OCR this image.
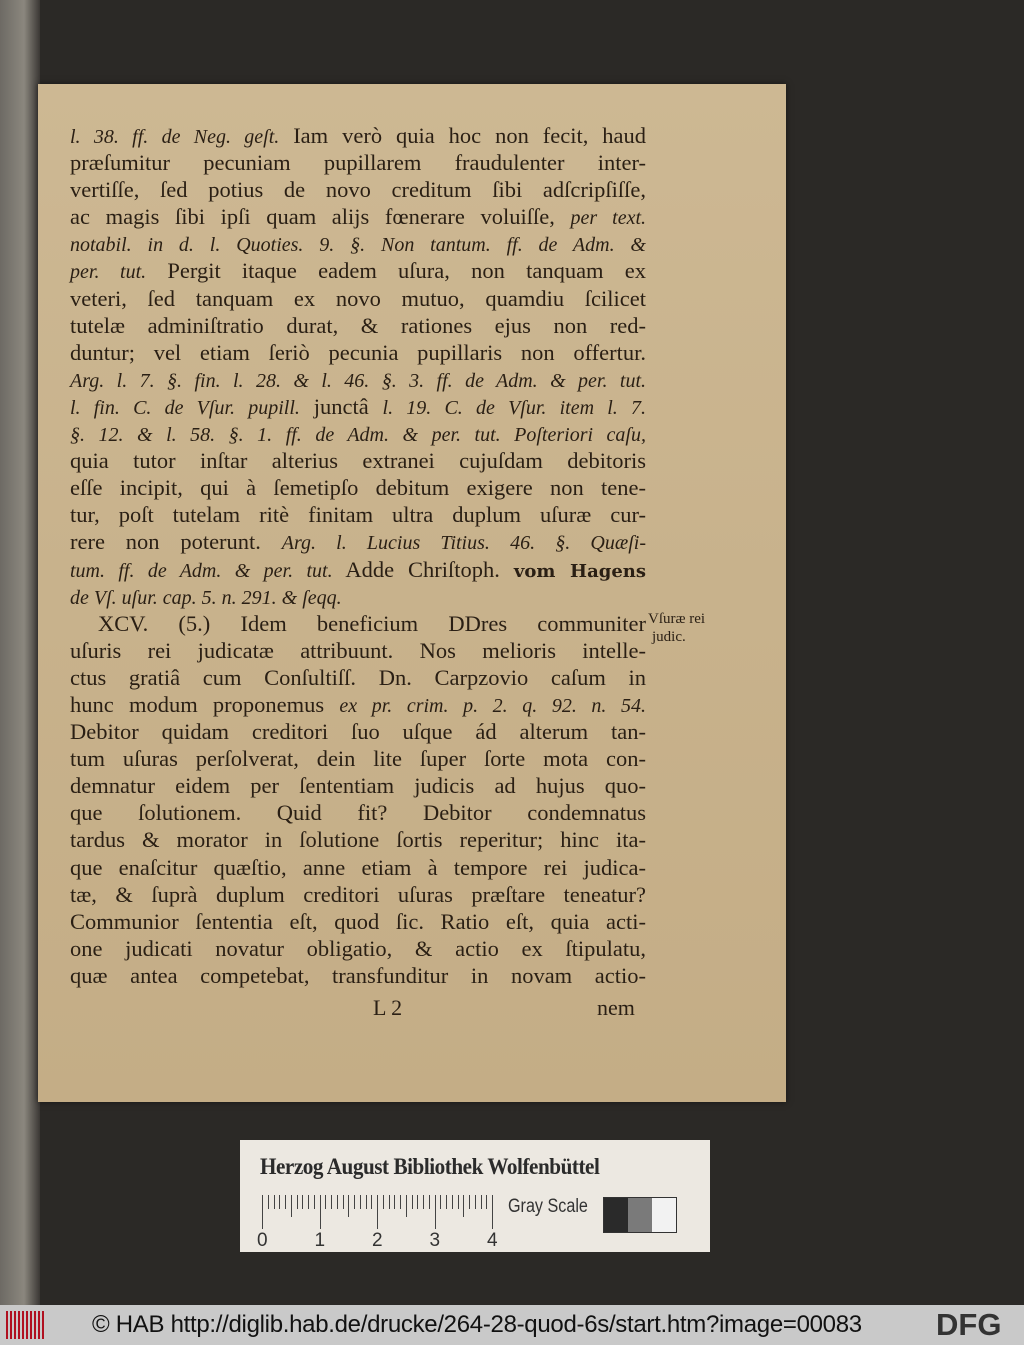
l. 38. ff. de Neg. geſt. Iam verò quia hoc non fecit, haud
præſumitur pecuniam pupillarem fraudulenter inter-
vertiſſe, ſed potius de novo creditum ſibi adſcripſiſſe,
ac magis ſibi ipſi quam alijs fœnerare voluiſſe, per text.
notabil. in d. l. Quoties. 9. §. Non tantum. ff. de Adm. &
per. tut. Pergit itaque eadem uſura, non tanquam ex
veteri, ſed tanquam ex novo mutuo, quamdiu ſcilicet
tutelæ adminiſtratio durat, & rationes ejus non red-
duntur; vel etiam ſeriò pecunia pupillaris non offertur.
Arg. l. 7. §. fin. l. 28. & l. 46. §. 3. ff. de Adm. & per. tut.
l. fin. C. de Vſur. pupill. junctâ l. 19. C. de Vſur. item l. 7.
§. 12. & l. 58. §. 1. ff. de Adm. & per. tut. Poſteriori caſu,
quia tutor inſtar alterius extranei cujuſdam debitoris
eſſe incipit, qui à ſemetipſo debitum exigere non tene-
tur, poſt tutelam ritè finitam ultra duplum uſuræ cur-
rere non poterunt. Arg. l. Lucius Titius. 46. §. Quæſi-
tum. ff. de Adm. & per. tut. Adde Chriſtoph. vom Hagens
de Vſ. uſur. cap. 5. n. 291. & ſeqq.
XCV. (5.) Idem beneficium DDres communiter
uſuris rei judicatæ attribuunt. Nos melioris intelle-
ctus gratiâ cum Conſultiſſ. Dn. Carpzovio caſum in
hunc modum proponemus ex pr. crim. p. 2. q. 92. n. 54.
Debitor quidam creditori ſuo uſque ád alterum tan-
tum uſuras perſolverat, dein lite ſuper ſorte mota con-
demnatur eidem per ſententiam judicis ad hujus quo-
que ſolutionem. Quid fit? Debitor condemnatus
tardus & morator in ſolutione ſortis reperitur; hinc ita-
que enaſcitur quæſtio, anne etiam à tempore rei judica-
tæ, & ſuprà duplum creditori uſuras præſtare teneatur?
Communior ſententia eſt, quod ſic. Ratio eſt, quia acti-
one judicati novatur obligatio, & actio ex ſtipulatu,
quæ antea competebat, transfunditur in novam actio-
Vſuræ rei
judic.
L 2	nem
Herzog August Bibliothek Wolfenbüttel
0 1 2 3 4
Gray Scale
© HAB http://diglib.hab.de/drucke/264-28-quod-6s/start.htm?image=00083 DFG
